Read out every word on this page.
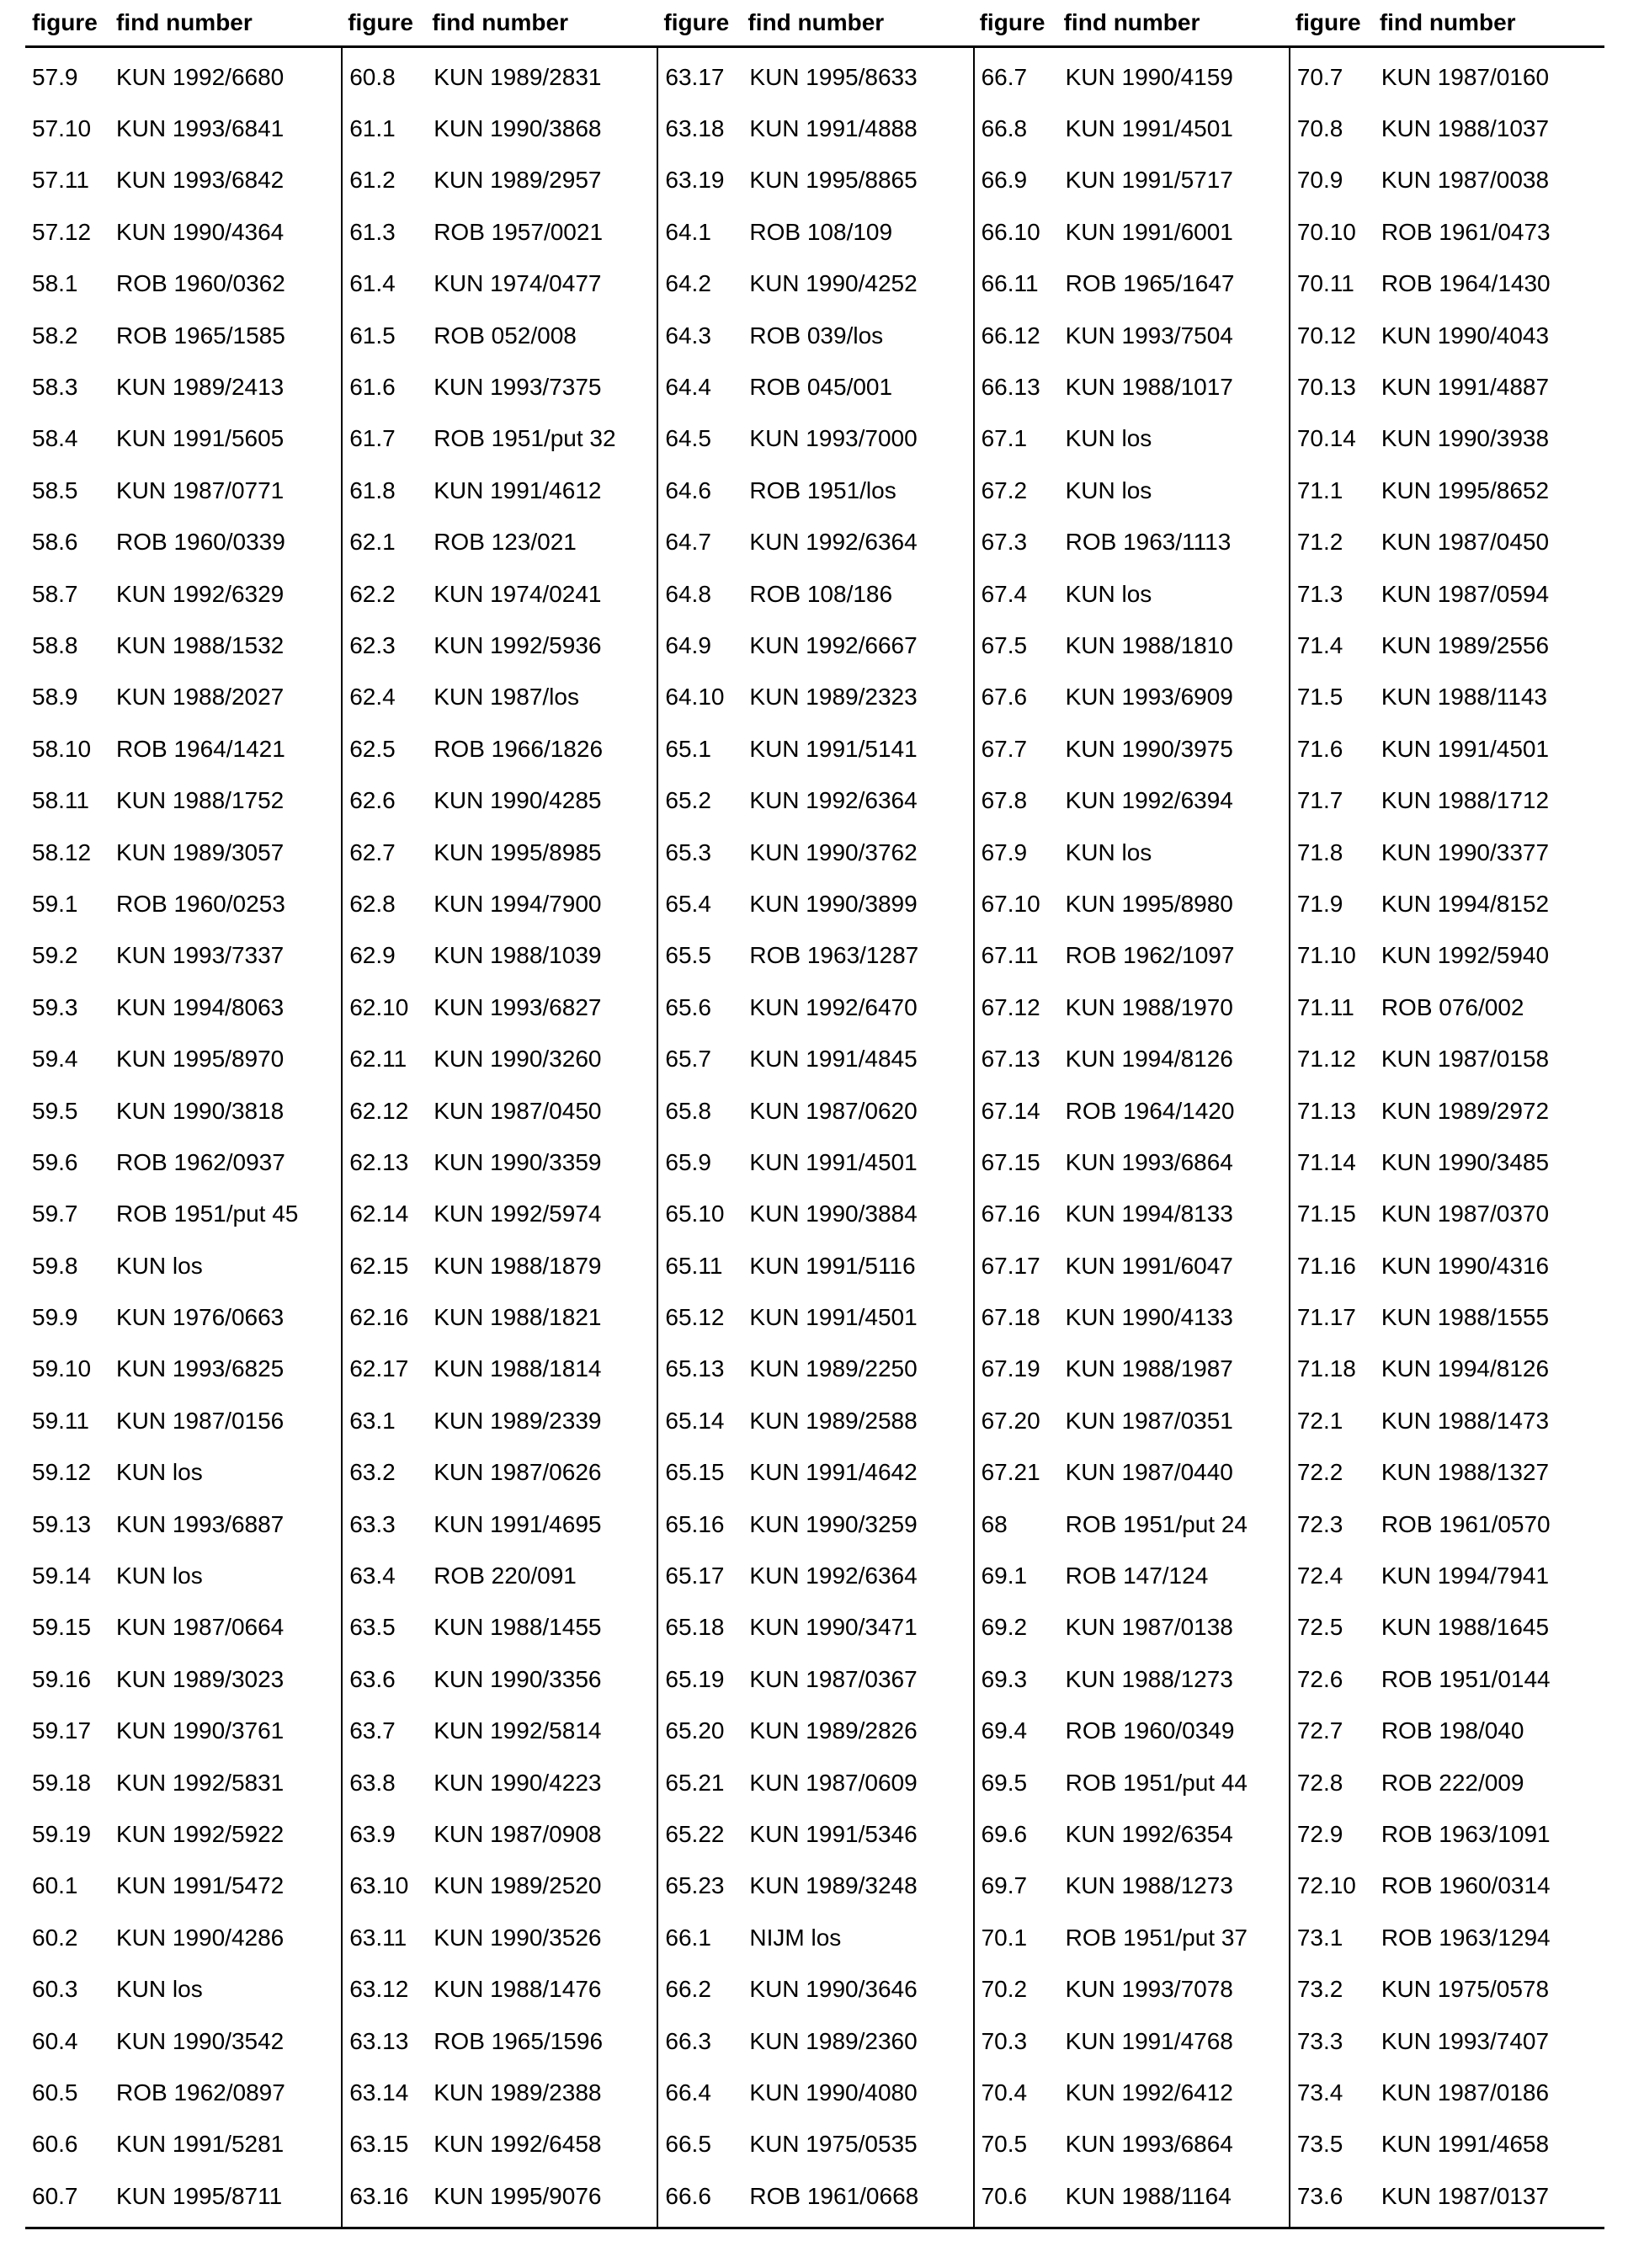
figure find number	figure find number	figure find number	figure find number	figure find number
57.9	KUN 1992/6680
57.10	KUN 1993/6841
57.11	KUN 1993/6842
57.12	KUN 1990/4364
58.1	ROB 1960/0362
58.2	ROB 1965/1585
58.3	KUN 1989/2413
58.4	KUN 1991/5605
58.5	KUN 1987/0771
58.6	ROB 1960/0339
58.7	KUN 1992/6329
58.8	KUN 1988/1532
58.9	KUN 1988/2027
58.10	ROB 1964/1421
58.11	KUN 1988/1752
58.12	KUN 1989/3057
59.1	ROB 1960/0253
59.2	KUN 1993/7337
59.3	KUN 1994/8063
59.4	KUN 1995/8970
59.5	KUN 1990/3818
59.6	ROB 1962/0937
59.7	ROB 1951/put 45
59.8	KUN los
59.9	KUN 1976/0663
59.10	KUN 1993/6825
59.11	KUN 1987/0156
59.12	KUN los
59.13	KUN 1993/6887
59.14	KUN los
59.15	KUN 1987/0664
59.16	KUN 1989/3023
59.17	KUN 1990/3761
59.18	KUN 1992/5831
59.19	KUN 1992/5922
60.1	KUN 1991/5472
60.2	KUN 1990/4286
60.3	KUN los
60.4	KUN 1990/3542
60.5	ROB 1962/0897
60.6	KUN 1991/5281
60.7	KUN 1995/8711
60.8	KUN 1989/2831
61.1	KUN 1990/3868
61.2	KUN 1989/2957
61.3	ROB 1957/0021
61.4	KUN 1974/0477
61.5	ROB 052/008
61.6	KUN 1993/7375
61.7	ROB 1951/put 32
61.8	KUN 1991/4612
62.1	ROB 123/021
62.2	KUN 1974/0241
62.3	KUN 1992/5936
62.4	KUN 1987/los
62.5	ROB 1966/1826
62.6	KUN 1990/4285
62.7	KUN 1995/8985
62.8	KUN 1994/7900
62.9	KUN 1988/1039
62.10	KUN 1993/6827
62.11	KUN 1990/3260
62.12	KUN 1987/0450
62.13	KUN 1990/3359
62.14	KUN 1992/5974
62.15	KUN 1988/1879
62.16	KUN 1988/1821
62.17	KUN 1988/1814
63.1	KUN 1989/2339
63.2	KUN 1987/0626
63.3	KUN 1991/4695
63.4	ROB 220/091
63.5	KUN 1988/1455
63.6	KUN 1990/3356
63.7	KUN 1992/5814
63.8	KUN 1990/4223
63.9	KUN 1987/0908
63.10	KUN 1989/2520
63.11	KUN 1990/3526
63.12	KUN 1988/1476
63.13	ROB 1965/1596
63.14	KUN 1989/2388
63.15	KUN 1992/6458
63.16	KUN 1995/9076
63.17	KUN 1995/8633
63.18	KUN 1991/4888
63.19	KUN 1995/8865
64.1	ROB 108/109
64.2	KUN 1990/4252
64.3	ROB 039/los
64.4	ROB 045/001
64.5	KUN 1993/7000
64.6	ROB 1951/los
64.7	KUN 1992/6364
64.8	ROB 108/186
64.9	KUN 1992/6667
64.10	KUN 1989/2323
65.1	KUN 1991/5141
65.2	KUN 1992/6364
65.3	KUN 1990/3762
65.4	KUN 1990/3899
65.5	ROB 1963/1287
65.6	KUN 1992/6470
65.7	KUN 1991/4845
65.8	KUN 1987/0620
65.9	KUN 1991/4501
65.10	KUN 1990/3884
65.11	KUN 1991/5116
65.12	KUN 1991/4501
65.13	KUN 1989/2250
65.14	KUN 1989/2588
65.15	KUN 1991/4642
65.16	KUN 1990/3259
65.17	KUN 1992/6364
65.18	KUN 1990/3471
65.19	KUN 1987/0367
65.20	KUN 1989/2826
65.21	KUN 1987/0609
65.22	KUN 1991/5346
65.23	KUN 1989/3248
66.1	NIJM los
66.2	KUN 1990/3646
66.3	KUN 1989/2360
66.4	KUN 1990/4080
66.5	KUN 1975/0535
66.6	ROB 1961/0668
66.7	KUN 1990/4159
66.8	KUN 1991/4501
66.9	KUN 1991/5717
66.10	KUN 1991/6001
66.11	ROB 1965/1647
66.12	KUN 1993/7504
66.13	KUN 1988/1017
67.1	KUN los
67.2	KUN los
67.3	ROB 1963/1113
67.4	KUN los
67.5	KUN 1988/1810
67.6	KUN 1993/6909
67.7	KUN 1990/3975
67.8	KUN 1992/6394
67.9	KUN los
67.10	KUN 1995/8980
67.11	ROB 1962/1097
67.12	KUN 1988/1970
67.13	KUN 1994/8126
67.14	ROB 1964/1420
67.15	KUN 1993/6864
67.16	KUN 1994/8133
67.17	KUN 1991/6047
67.18	KUN 1990/4133
67.19	KUN 1988/1987
67.20	KUN 1987/0351
67.21	KUN 1987/0440
68	ROB 1951/put 24
69.1	ROB 147/124
69.2	KUN 1987/0138
69.3	KUN 1988/1273
69.4	ROB 1960/0349
69.5	ROB 1951/put 44
69.6	KUN 1992/6354
69.7	KUN 1988/1273
70.1	ROB 1951/put 37
70.2	KUN 1993/7078
70.3	KUN 1991/4768
70.4	KUN 1992/6412
70.5	KUN 1993/6864
70.6	KUN 1988/1164
70.7	KUN 1987/0160
70.8	KUN 1988/1037
70.9	KUN 1987/0038
70.10	ROB 1961/0473
70.11	ROB 1964/1430
70.12	KUN 1990/4043
70.13	KUN 1991/4887
70.14	KUN 1990/3938
71.1	KUN 1995/8652
71.2	KUN 1987/0450
71.3	KUN 1987/0594
71.4	KUN 1989/2556
71.5	KUN 1988/1143
71.6	KUN 1991/4501
71.7	KUN 1988/1712
71.8	KUN 1990/3377
71.9	KUN 1994/8152
71.10	KUN 1992/5940
71.11	ROB 076/002
71.12	KUN 1987/0158
71.13	KUN 1989/2972
71.14	KUN 1990/3485
71.15	KUN 1987/0370
71.16	KUN 1990/4316
71.17	KUN 1988/1555
71.18	KUN 1994/8126
72.1	KUN 1988/1473
72.2	KUN 1988/1327
72.3	ROB 1961/0570
72.4	KUN 1994/7941
72.5	KUN 1988/1645
72.6	ROB 1951/0144
72.7	ROB 198/040
72.8	ROB 222/009
72.9	ROB 1963/1091
72.10	ROB 1960/0314
73.1	ROB 1963/1294
73.2	KUN 1975/0578
73.3	KUN 1993/7407
73.4	KUN 1987/0186
73.5	KUN 1991/4658
73.6	KUN 1987/0137
